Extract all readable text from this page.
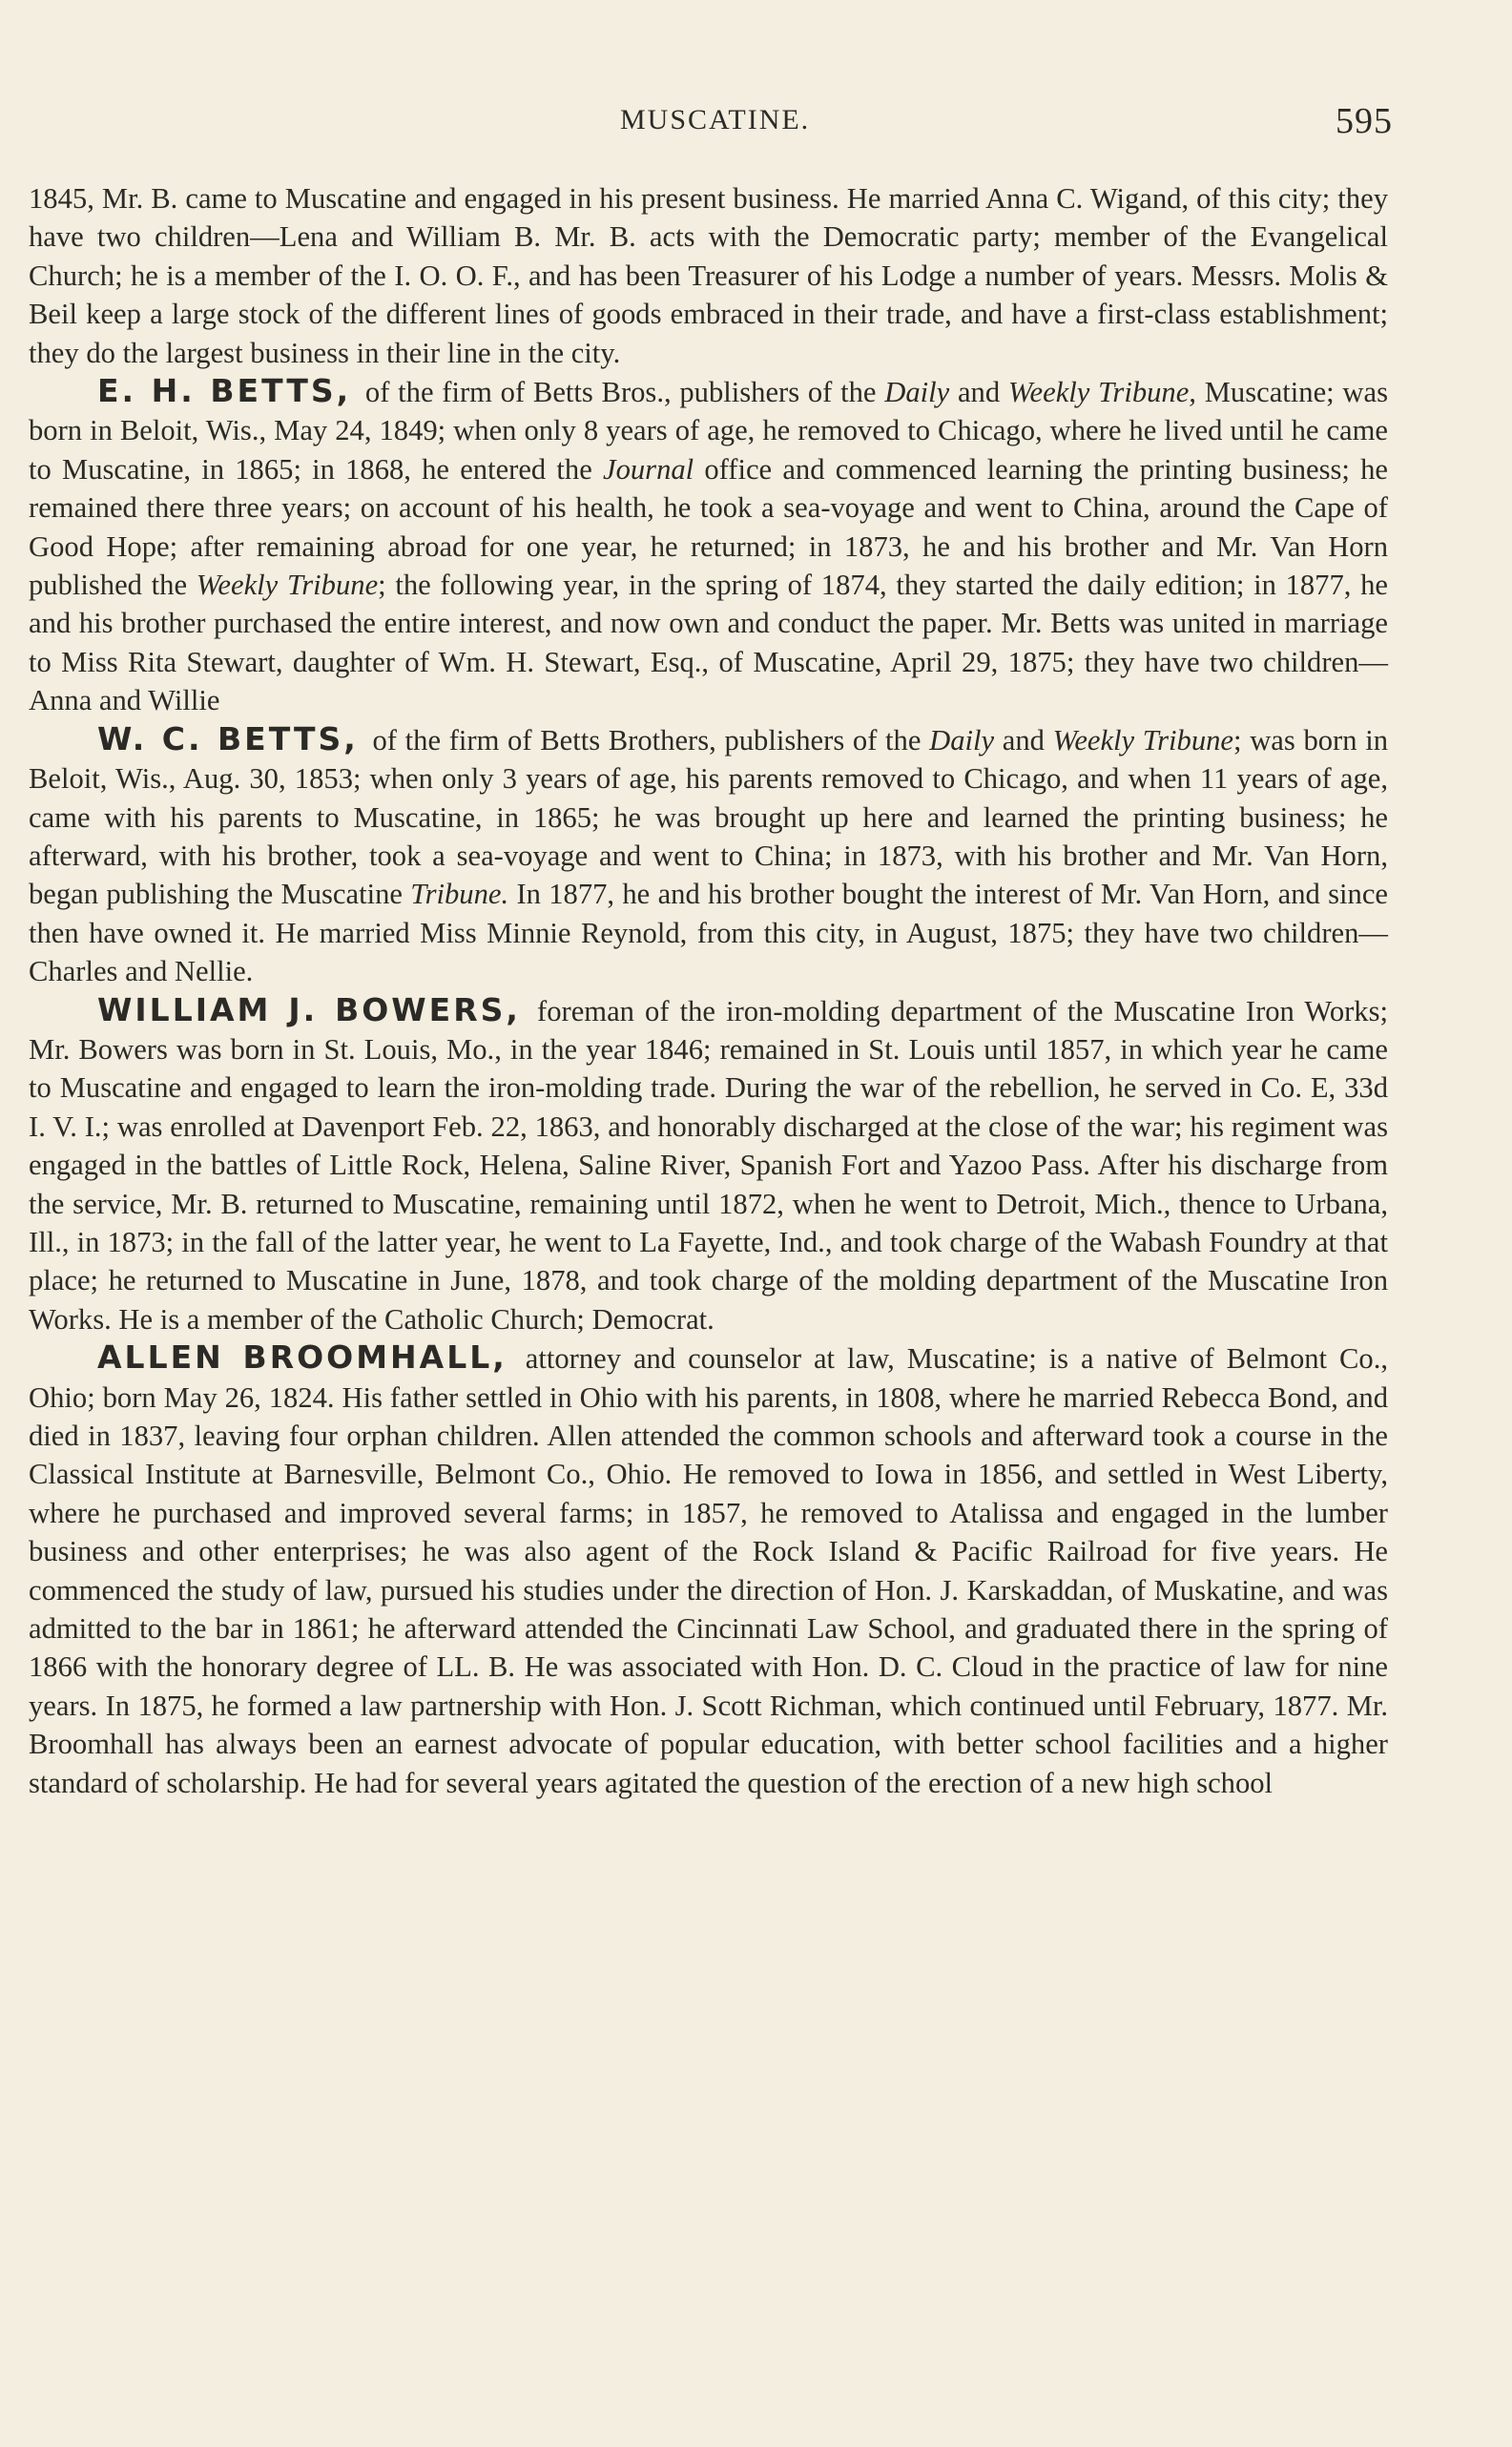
MUSCATINE.	595

1845, Mr. B. came to Muscatine and engaged in his present business. He married Anna C. Wigand, of this city; they have two children—Lena and William B. Mr. B. acts with the Democratic party; member of the Evangelical Church; he is a member of the I. O. O. F., and has been Treasurer of his Lodge a number of years. Messrs. Molis & Beil keep a large stock of the different lines of goods embraced in their trade, and have a first-class establishment; they do the largest business in their line in the city.

E. H. BETTS, of the firm of Betts Bros., publishers of the Daily and Weekly Tribune, Muscatine; was born in Beloit, Wis., May 24, 1849; when only 8 years of age, he removed to Chicago, where he lived until he came to Muscatine, in 1865; in 1868, he entered the Journal office and commenced learning the printing business; he remained there three years; on account of his health, he took a sea-voyage and went to China, around the Cape of Good Hope; after remaining abroad for one year, he returned; in 1873, he and his brother and Mr. Van Horn published the Weekly Tribune; the following year, in the spring of 1874, they started the daily edition; in 1877, he and his brother purchased the entire interest, and now own and conduct the paper. Mr. Betts was united in marriage to Miss Rita Stewart, daughter of Wm. H. Stewart, Esq., of Muscatine, April 29, 1875; they have two children—Anna and Willie

W. C. BETTS, of the firm of Betts Brothers, publishers of the Daily and Weekly Tribune; was born in Beloit, Wis., Aug. 30, 1853; when only 3 years of age, his parents removed to Chicago, and when 11 years of age, came with his parents to Muscatine, in 1865; he was brought up here and learned the printing business; he afterward, with his brother, took a sea-voyage and went to China; in 1873, with his brother and Mr. Van Horn, began publishing the Muscatine Tribune. In 1877, he and his brother bought the interest of Mr. Van Horn, and since then have owned it. He married Miss Minnie Reynold, from this city, in August, 1875; they have two children—Charles and Nellie.

WILLIAM J. BOWERS, foreman of the iron-molding department of the Muscatine Iron Works; Mr. Bowers was born in St. Louis, Mo., in the year 1846; remained in St. Louis until 1857, in which year he came to Muscatine and engaged to learn the iron-molding trade. During the war of the rebellion, he served in Co. E, 33d I. V. I.; was enrolled at Davenport Feb. 22, 1863, and honorably discharged at the close of the war; his regiment was engaged in the battles of Little Rock, Helena, Saline River, Spanish Fort and Yazoo Pass. After his discharge from the service, Mr. B. returned to Muscatine, remaining until 1872, when he went to Detroit, Mich., thence to Urbana, Ill., in 1873; in the fall of the latter year, he went to La Fayette, Ind., and took charge of the Wabash Foundry at that place; he returned to Muscatine in June, 1878, and took charge of the molding department of the Muscatine Iron Works. He is a member of the Catholic Church; Democrat.

ALLEN BROOMHALL, attorney and counselor at law, Muscatine; is a native of Belmont Co., Ohio; born May 26, 1824. His father settled in Ohio with his parents, in 1808, where he married Rebecca Bond, and died in 1837, leaving four orphan children. Allen attended the common schools and afterward took a course in the Classical Institute at Barnesville, Belmont Co., Ohio. He removed to Iowa in 1856, and settled in West Liberty, where he purchased and improved several farms; in 1857, he removed to Atalissa and engaged in the lumber business and other enterprises; he was also agent of the Rock Island & Pacific Railroad for five years. He commenced the study of law, pursued his studies under the direction of Hon. J. Karskaddan, of Muskatine, and was admitted to the bar in 1861; he afterward attended the Cincinnati Law School, and graduated there in the spring of 1866 with the honorary degree of LL. B. He was associated with Hon. D. C. Cloud in the practice of law for nine years. In 1875, he formed a law partnership with Hon. J. Scott Richman, which continued until February, 1877. Mr. Broomhall has always been an earnest advocate of popular education, with better school facilities and a higher standard of scholarship. He had for several years agitated the question of the erection of a new high school
